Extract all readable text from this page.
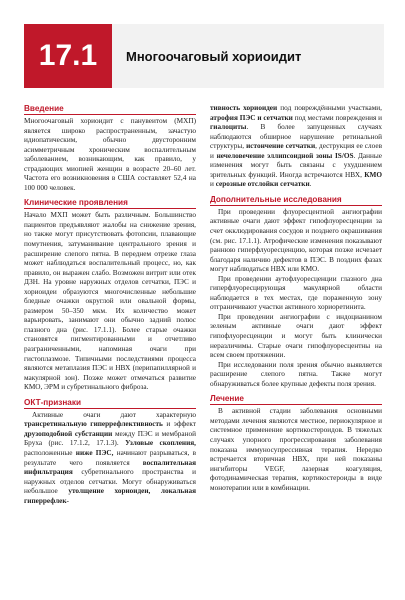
17.1	Многоочаговый хориоидит
Введение

Многоочаговый хориоидит с панувеитом (МХП) является широко распространенным, зачастую идиопатическим, обычно двусторонним асимметричным хроническим воспалительным заболеванием, возникающим, как правило, у страдающих миопией женщин в возрасте 20–60 лет. Частота его возникновения в США составляет 52,4 на 100 000 человек.

Клинические проявления

Начало МХП может быть различным. Большинство пациентов предъявляют жалобы на снижение зрения, но также могут присутствовать фотопсии, плавающие помутнения, затуманивание центрального зрения и расширение слепого пятна. В переднем отрезке глаза может наблюдаться воспалительный процесс, но, как правило, он выражен слабо. Возможен витрит или отек ДЗН. На уровне наружных отделов сетчатки, ПЭС и хориоидеи образуются многочисленные небольшие бледные очажки округлой или овальной формы, размером 50–350 мкм. Их количество может варьировать, занимают они обычно задний полюс глазного дна (рис. 17.1.1). Более старые очажки становятся пигментированными и отчетливо разграниченными, напоминая очаги при гистоплазмозе. Типичными последствиями процесса являются метаплазия ПЭС и НВХ (перипапиллярной и макулярной зон). Позже может отмечаться развитие КМО, ЭРМ и субретинального фиброза.

ОКТ-признаки

Активные очаги дают характерную трансретинальную гиперрефлективность и эффект друзоподобной субстанции между ПЭС и мембраной Бруха (рис. 17.1.2, 17.1.3). Узловые скопления, расположенные ниже ПЭС, начинают разрываться, в результате чего появляется воспалительная инфильтрация субретинального пространства и наружных отделов сетчатки. Могут обнаруживаться небольшое утолщение хориоидеи, локальная гиперрефлек-

тивность хориоидеи под повреждёнными участками, атрофия ПЭС и сетчатки под местами повреждения и гиалоциты. В более запущенных случаях наблюдаются обширное нарушение ретинальной структуры, истончение сетчатки, деструкция ее слоев и нечеловечение эллипсоидной зоны IS/OS. Данные изменения могут быть связаны с ухудшением зрительных функций. Иногда встречаются НВХ, КМО и серозные отслойки сетчатки.

Дополнительные исследования

При проведении флуоресцентной ангиографии активные очаги дают эффект гипофлуоресценции за счет окклюдирования сосудов и позднего окрашивания (см. рис. 17.1.1). Атрофические изменения показывают раннюю гиперфлуоресценцию, которая позже исчезает благодаря наличию дефектов в ПЭС. В поздних фазах могут наблюдаться НВХ или КМО.

При проведении аутофлуоресценции глазного дна гиперфлуоресцирующая макулярной области наблюдается в тех местах, где пораженную зону отграничивают участки активного хориоретинита.

При проведении ангиографии с индоцианином зеленым активные очаги дают эффект гипофлуоресценции и могут быть клинически неразличимы. Старые очаги гипофлуоресцентны на всем своем протяжении.

При исследовании поля зрения обычно выявляется расширение слепого пятна. Также могут обнаруживаться более крупные дефекты поля зрения.

Лечение

В активной стадии заболевания основными методами лечения являются местное, периокулярное и системное применение кортикостероидов. В тяжелых случаях упорного прогрессирования заболевания показана иммуносупрессивная терапия. Нередко встречается вторичная НВХ, при ней показаны ингибиторы VEGF, лазерная коагуляция, фотодинамическая терапия, кортикостероиды в виде монотерапии или в комбинации.
